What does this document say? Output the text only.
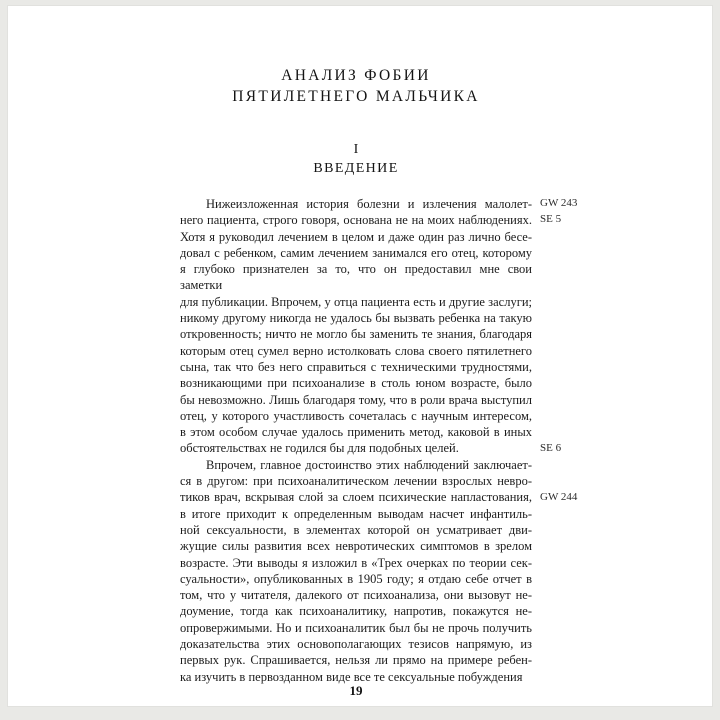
АНАЛИЗ ФОБИИ
ПЯТИЛЕТНЕГО МАЛЬЧИКА
I
ВВЕДЕНИЕ
Нижеизложенная история болезни и излечения малолет-
него пациента, строго говоря, основана не на моих наблюдениях.
Хотя я руководил лечением в целом и даже один раз лично бесе-
довал с ребенком, самим лечением занимался его отец, которому
я глубоко признателен за то, что он предоставил мне свои заметки
для публикации. Впрочем, у отца пациента есть и другие заслуги;
никому другому никогда не удалось бы вызвать ребенка на такую
откровенность; ничто не могло бы заменить те знания, благодаря
которым отец сумел верно истолковать слова своего пятилетнего
сына, так что без него справиться с техническими трудностями,
возникающими при психоанализе в столь юном возрасте, было
бы невозможно. Лишь благодаря тому, что в роли врача выступил
отец, у которого участливость сочеталась с научным интересом,
в этом особом случае удалось применить метод, каковой в иных
обстоятельствах не годился бы для подобных целей.
Впрочем, главное достоинство этих наблюдений заключает-
ся в другом: при психоаналитическом лечении взрослых невро-
тиков врач, вскрывая слой за слоем психические напластования,
в итоге приходит к определенным выводам насчет инфантиль-
ной сексуальности, в элементах которой он усматривает дви-
жущие силы развития всех невротических симптомов в зрелом
возрасте. Эти выводы я изложил в «Трех очерках по теории сек-
суальности», опубликованных в 1905 году; я отдаю себе отчет в
том, что у читателя, далекого от психоанализа, они вызовут не-
доумение, тогда как психоаналитику, напротив, покажутся не-
опровержимыми. Но и психоаналитик был бы не прочь получить
доказательства этих основополагающих тезисов напрямую, из
первых рук. Спрашивается, нельзя ли прямо на примере ребен-
ка изучить в первозданном виде все те сексуальные побуждения
GW 243
SE 5
SE 6
GW 244
19
